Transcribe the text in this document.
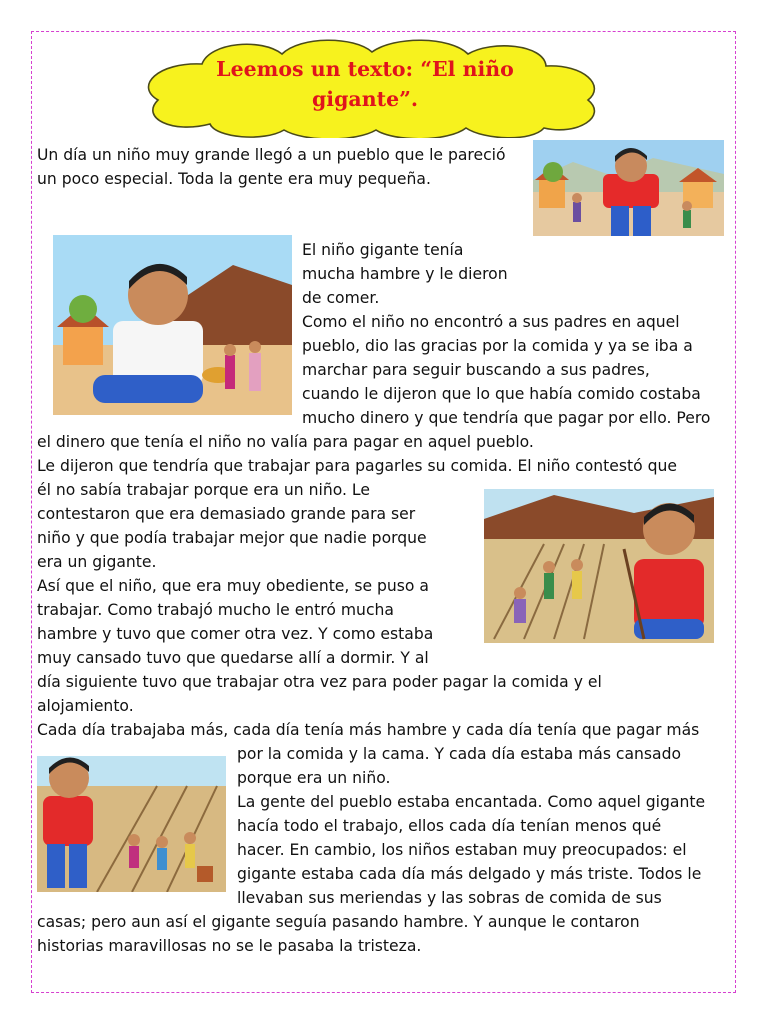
Leemos un texto: “El niño
gigante”.
Un día un niño muy grande llegó a un pueblo que le pareció
un poco especial. Toda la gente era muy pequeña.
El niño gigante tenía
mucha hambre y le dieron
de comer.
Como el niño no encontró a sus padres en aquel
pueblo, dio las gracias por la comida y ya se iba a
marchar para seguir buscando a sus padres,
cuando le dijeron que lo que había comido costaba
mucho dinero y que tendría que pagar por ello. Pero
el dinero que tenía el niño no valía para pagar en aquel pueblo.
Le dijeron que tendría que trabajar para pagarles su comida. El niño contestó que
él no sabía trabajar porque era un niño. Le
contestaron que era demasiado grande para ser
niño y que podía trabajar mejor que nadie porque
era un gigante.
Así que el niño, que era muy obediente, se puso a
trabajar. Como trabajó mucho le entró mucha
hambre y tuvo que comer otra vez. Y como estaba
muy cansado tuvo que quedarse allí a dormir. Y al
día siguiente tuvo que trabajar otra vez para poder pagar la comida y el
alojamiento.
Cada día trabajaba más, cada día tenía más hambre y cada día tenía que pagar más
por la comida y la cama. Y cada día estaba más cansado
porque era un niño.
La gente del pueblo estaba encantada. Como aquel gigante
hacía todo el trabajo, ellos cada día tenían menos qué
hacer. En cambio, los niños estaban muy preocupados: el
gigante estaba cada día más delgado y más triste. Todos le
llevaban sus meriendas y las sobras de comida de sus
casas; pero aun así el gigante seguía pasando hambre. Y aunque le contaron
historias maravillosas no se le pasaba la tristeza.
